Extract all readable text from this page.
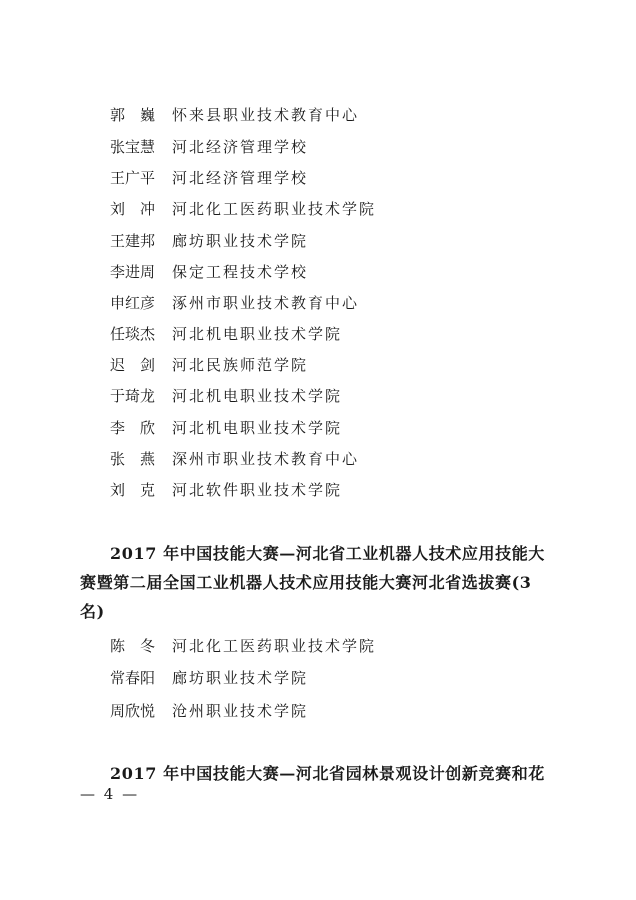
郭　巍 怀来县职业技术教育中心
张宝慧 河北经济管理学校
王广平 河北经济管理学校
刘　冲 河北化工医药职业技术学院
王建邦 廊坊职业技术学院
李进周 保定工程技术学校
申红彦 涿州市职业技术教育中心
任琰杰 河北机电职业技术学院
迟　剑 河北民族师范学院
于琦龙 河北机电职业技术学院
李　欣 河北机电职业技术学院
张　燕 深州市职业技术教育中心
刘　克 河北软件职业技术学院
2017 年中国技能大赛—河北省工业机器人技术应用技能大
赛暨第二届全国工业机器人技术应用技能大赛河北省选拔赛(3
名)
陈　冬 河北化工医药职业技术学院
常春阳 廊坊职业技术学院
周欣悦 沧州职业技术学院
2017 年中国技能大赛—河北省园林景观设计创新竞赛和花
— 4 —
